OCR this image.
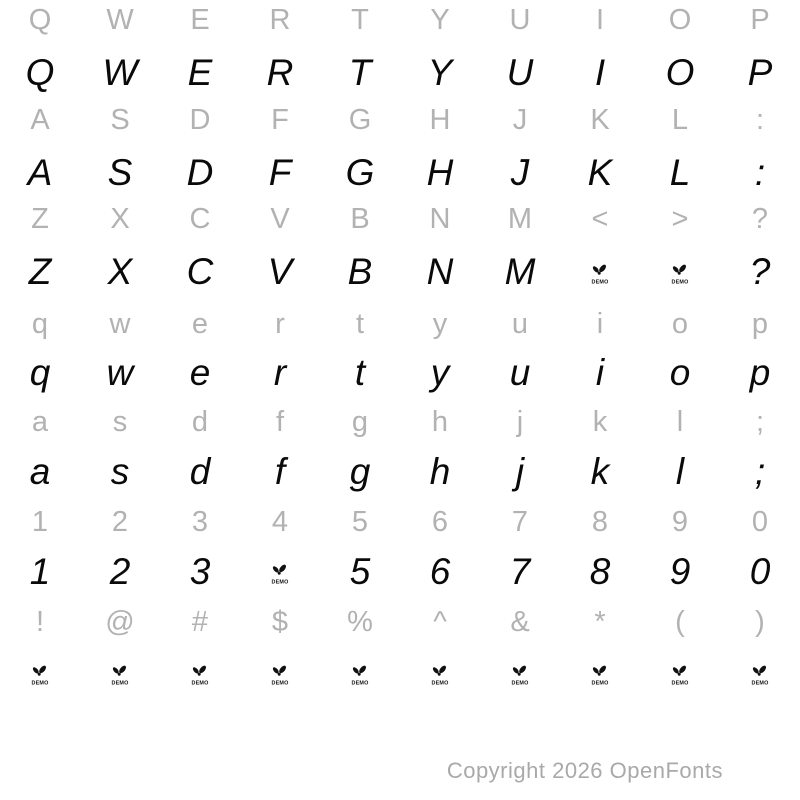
Q	W	E	R	T	Y	U	I	O	P
Q	W	E	R	T	Y	U	I	O	P
A	S	D	F	G	H	J	K	L	:
A	S	D	F	G	H	J	K	L	:
Z	X	C	V	B	N	M	<	>	?
Z	X	C	V	B	N	M	DEMO	DEMO	?
q	w	e	r	t	y	u	i	o	p
q	w	e	r	t	y	u	i	o	p
a	s	d	f	g	h	j	k	l	;
a	s	d	f	g	h	j	k	l	;
1	2	3	4	5	6	7	8	9	0
1	2	3	DEMO	5	6	7	8	9	0
!	@	#	$	%	^	&	*	(	)
DEMO	DEMO	DEMO	DEMO	DEMO	DEMO	DEMO	DEMO	DEMO	DEMO
Copyright 2026 OpenFonts
